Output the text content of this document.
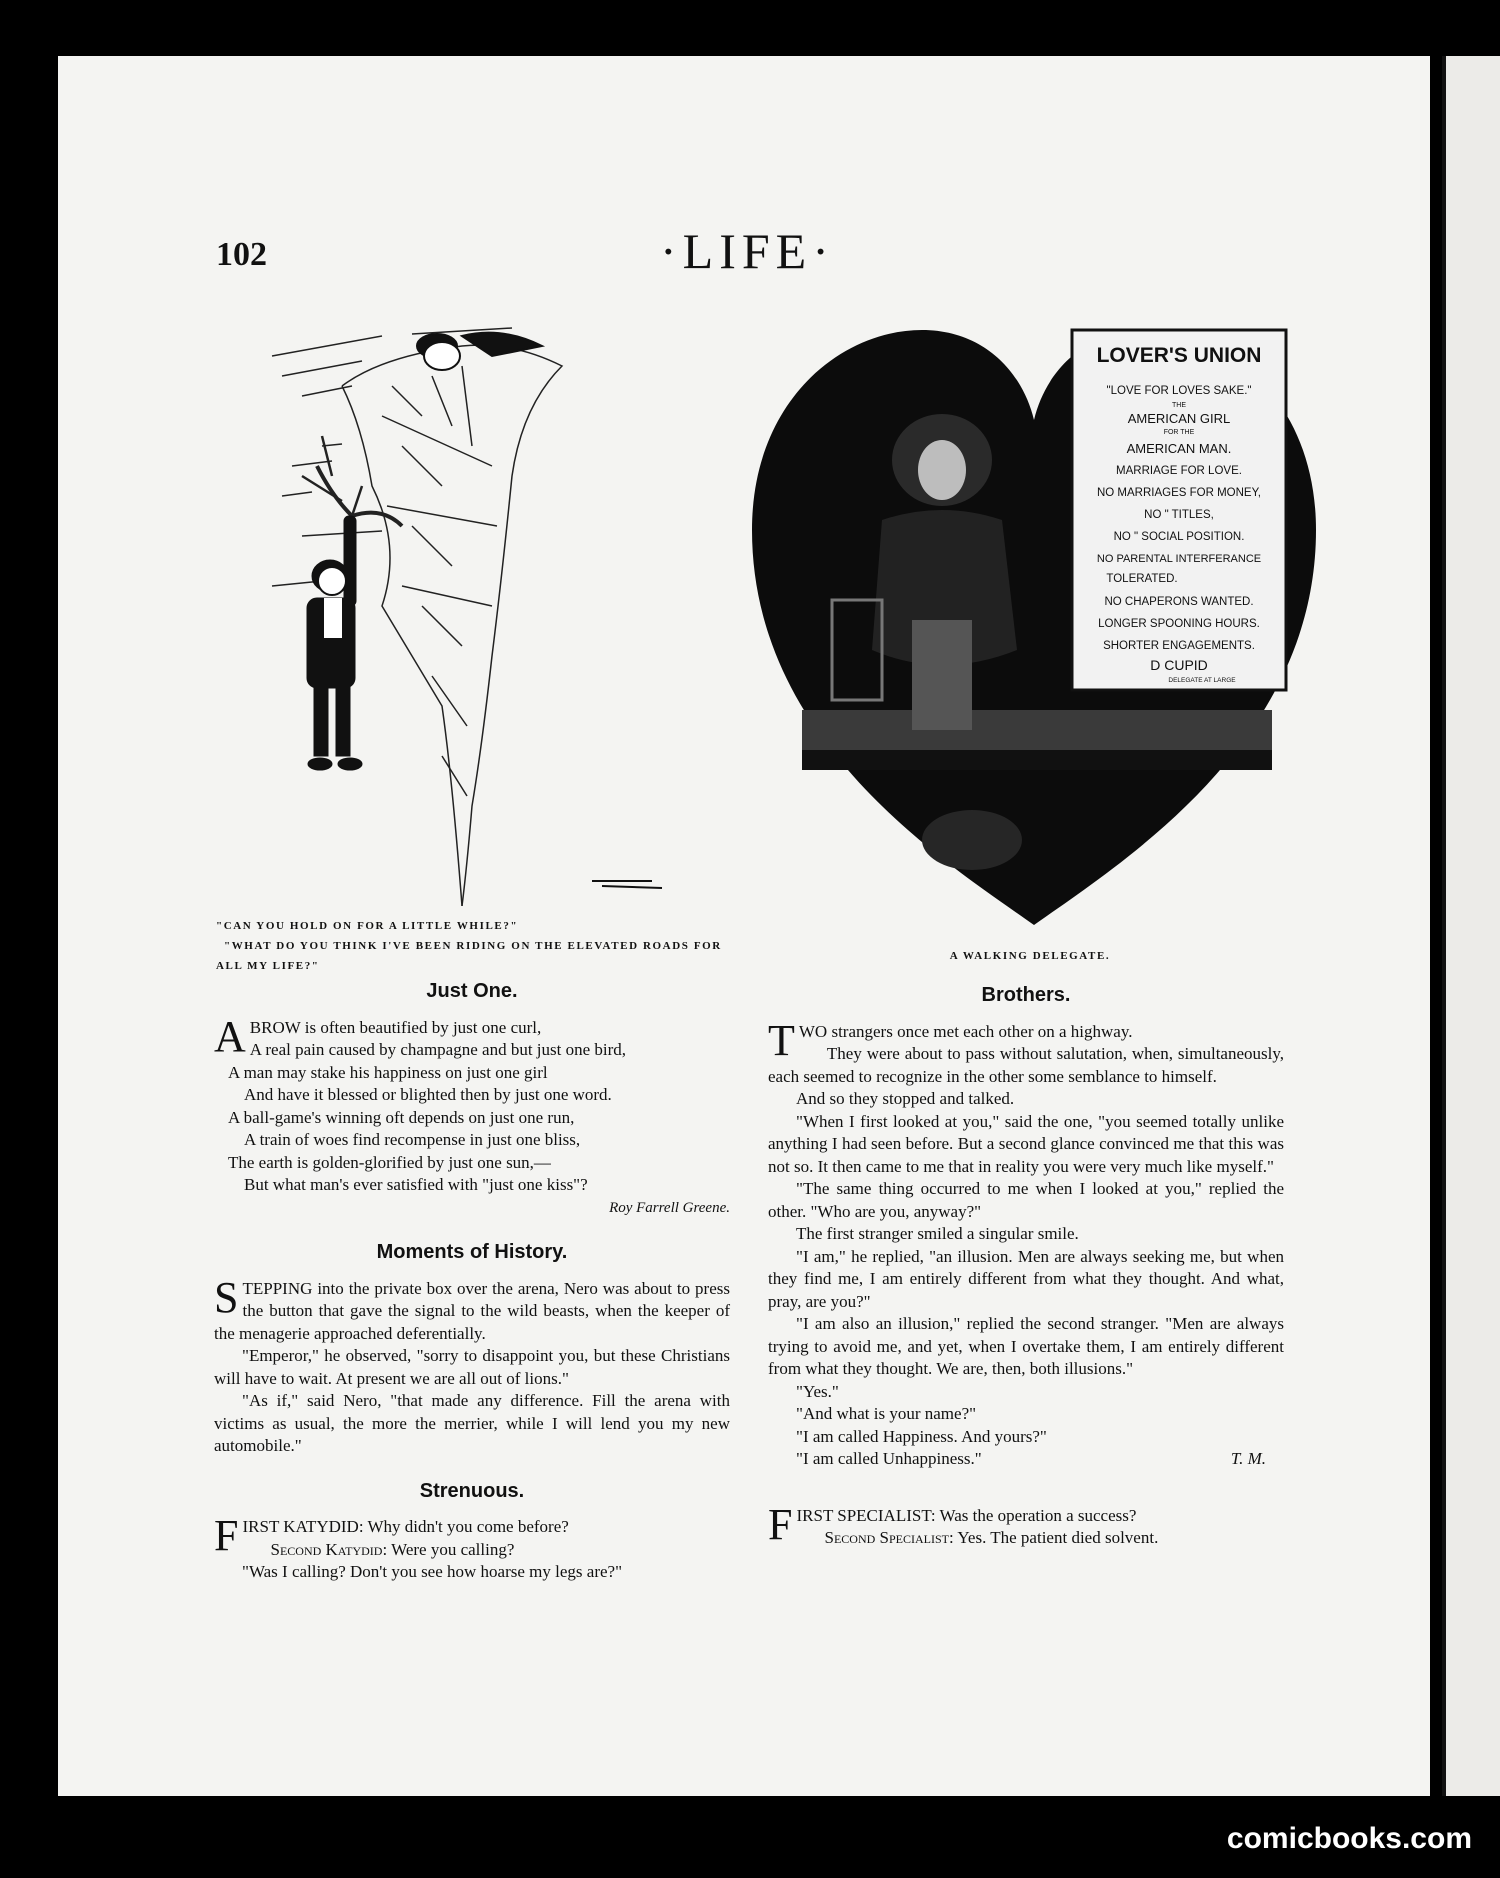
102	·LIFE·
"CAN YOU HOLD ON FOR A LITTLE WHILE?"
"WHAT DO YOU THINK I'VE BEEN RIDING ON THE ELEVATED ROADS FOR ALL MY LIFE?"
LOVER'S UNION
"LOVE FOR LOVES SAKE."
THE
AMERICAN GIRL
FOR THE
AMERICAN MAN.
MARRIAGE FOR LOVE.
NO MARRIAGES FOR MONEY,
NO " TITLES,
NO " SOCIAL POSITION.
NO PARENTAL INTERFERANCE
TOLERATED.
NO CHAPERONS WANTED.
LONGER SPOONING HOURS.
SHORTER ENGAGEMENTS.
D CUPID
DELEGATE AT LARGE
A WALKING DELEGATE.
Just One.

ABROW is often beautified by just one curl,

A real pain caused by champagne and but just one bird,

A man may stake his happiness on just one girl

And have it blessed or blighted then by just one word.

A ball-game's winning oft depends on just one run,

A train of woes find recompense in just one bliss,

The earth is golden-glorified by just one sun,—

But what man's ever satisfied with "just one kiss"?

Roy Farrell Greene.

Moments of History.

STEPPING into the private box over the arena, Nero was about to press the button that gave the signal to the wild beasts, when the keeper of the menagerie approached deferentially.

"Emperor," he observed, "sorry to disappoint you, but these Christians will have to wait. At present we are all out of lions."

"As if," said Nero, "that made any difference. Fill the arena with victims as usual, the more the merrier, while I will lend you my new automobile."

Strenuous.

FIRST KATYDID: Why didn't you come before?

Second Katydid: Were you calling?

"Was I calling? Don't you see how hoarse my legs are?"

Brothers.

TWO strangers once met each other on a highway.

They were about to pass without salutation, when, simultaneously, each seemed to recognize in the other some semblance to himself.

And so they stopped and talked.

"When I first looked at you," said the one, "you seemed totally unlike anything I had seen before. But a second glance convinced me that this was not so. It then came to me that in reality you were very much like myself."

"The same thing occurred to me when I looked at you," replied the other. "Who are you, anyway?"

The first stranger smiled a singular smile.

"I am," he replied, "an illusion. Men are always seeking me, but when they find me, I am entirely different from what they thought. And what, pray, are you?"

"I am also an illusion," replied the second stranger. "Men are always trying to avoid me, and yet, when I overtake them, I am entirely different from what they thought. We are, then, both illusions."

"Yes."

"And what is your name?"

"I am called Happiness. And yours?"

"I am called Unhappiness."	T. M.

FIRST SPECIALIST: Was the operation a success?

Second Specialist: Yes. The patient died solvent.

comicbooks.com
